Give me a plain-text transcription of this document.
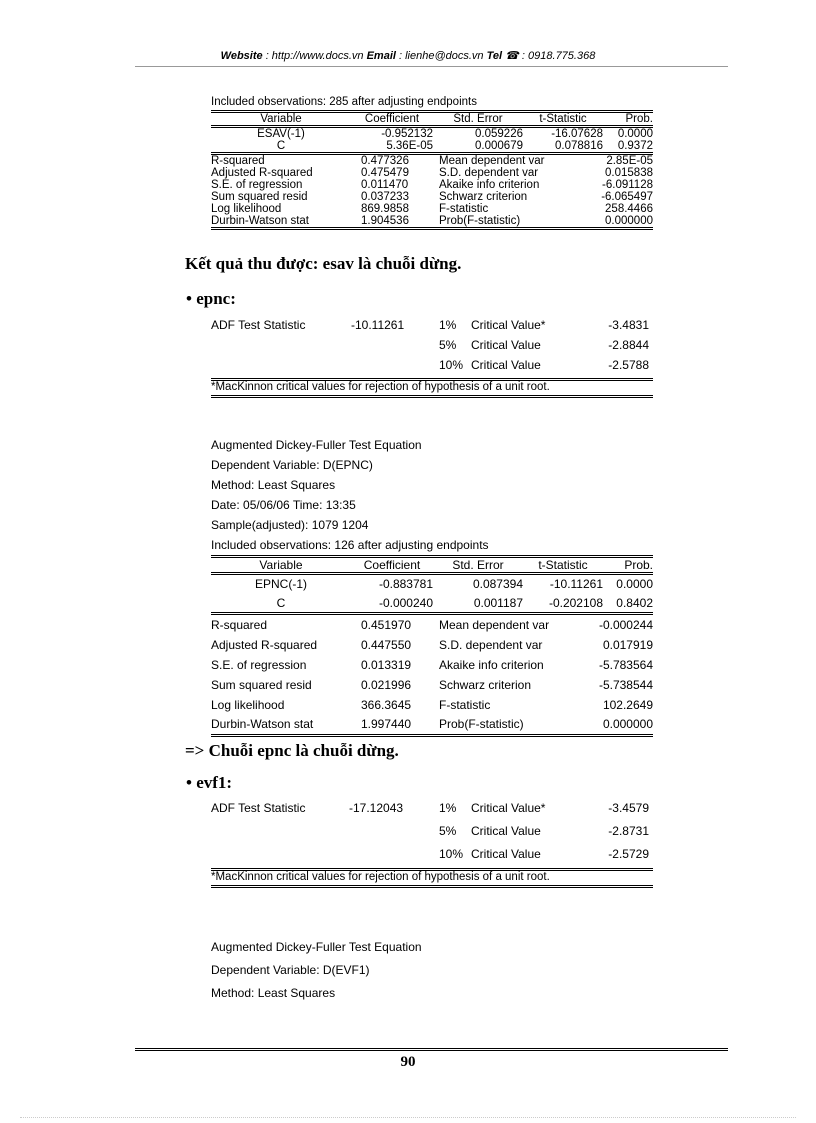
Website : http://www.docs.vn Email : lienhe@docs.vn Tel ☎ : 0918.775.368
Included observations: 285 after adjusting endpoints
Variable	Coefficient	Std. Error	t-Statistic	Prob.
ESAV(-1)	-0.952132	0.059226	-16.07628	0.0000
C	5.36E-05	0.000679	0.078816	0.9372
R-squared	0.477326	Mean dependent var	2.85E-05
Adjusted R-squared	0.475479	S.D. dependent var	0.015838
S.E. of regression	0.011470	Akaike info criterion	-6.091128
Sum squared resid	0.037233	Schwarz criterion	-6.065497
Log likelihood	869.9858	F-statistic	258.4466
Durbin-Watson stat	1.904536	Prob(F-statistic)	0.000000
Kết quả thu được: esav là chuỗi dừng.
• epnc:
ADF Test Statistic	-10.11261	1% Critical Value*	-3.4831
5% Critical Value	-2.8844
10% Critical Value	-2.5788
*MacKinnon critical values for rejection of hypothesis of a unit root.
Augmented Dickey-Fuller Test Equation
Dependent Variable: D(EPNC)
Method: Least Squares
Date: 05/06/06 Time: 13:35
Sample(adjusted): 1079 1204
Included observations: 126 after adjusting endpoints
Variable	Coefficient	Std. Error	t-Statistic	Prob.
EPNC(-1)	-0.883781	0.087394	-10.11261	0.0000
C	-0.000240	0.001187	-0.202108	0.8402
R-squared	0.451970	Mean dependent var	-0.000244
Adjusted R-squared	0.447550	S.D. dependent var	0.017919
S.E. of regression	0.013319	Akaike info criterion	-5.783564
Sum squared resid	0.021996	Schwarz criterion	-5.738544
Log likelihood	366.3645	F-statistic	102.2649
Durbin-Watson stat	1.997440	Prob(F-statistic)	0.000000
=> Chuỗi epnc là chuỗi dừng.
• evf1:
ADF Test Statistic	-17.12043	1% Critical Value*	-3.4579
5% Critical Value	-2.8731
10% Critical Value	-2.5729
*MacKinnon critical values for rejection of hypothesis of a unit root.
Augmented Dickey-Fuller Test Equation
Dependent Variable: D(EVF1)
Method: Least Squares
90
